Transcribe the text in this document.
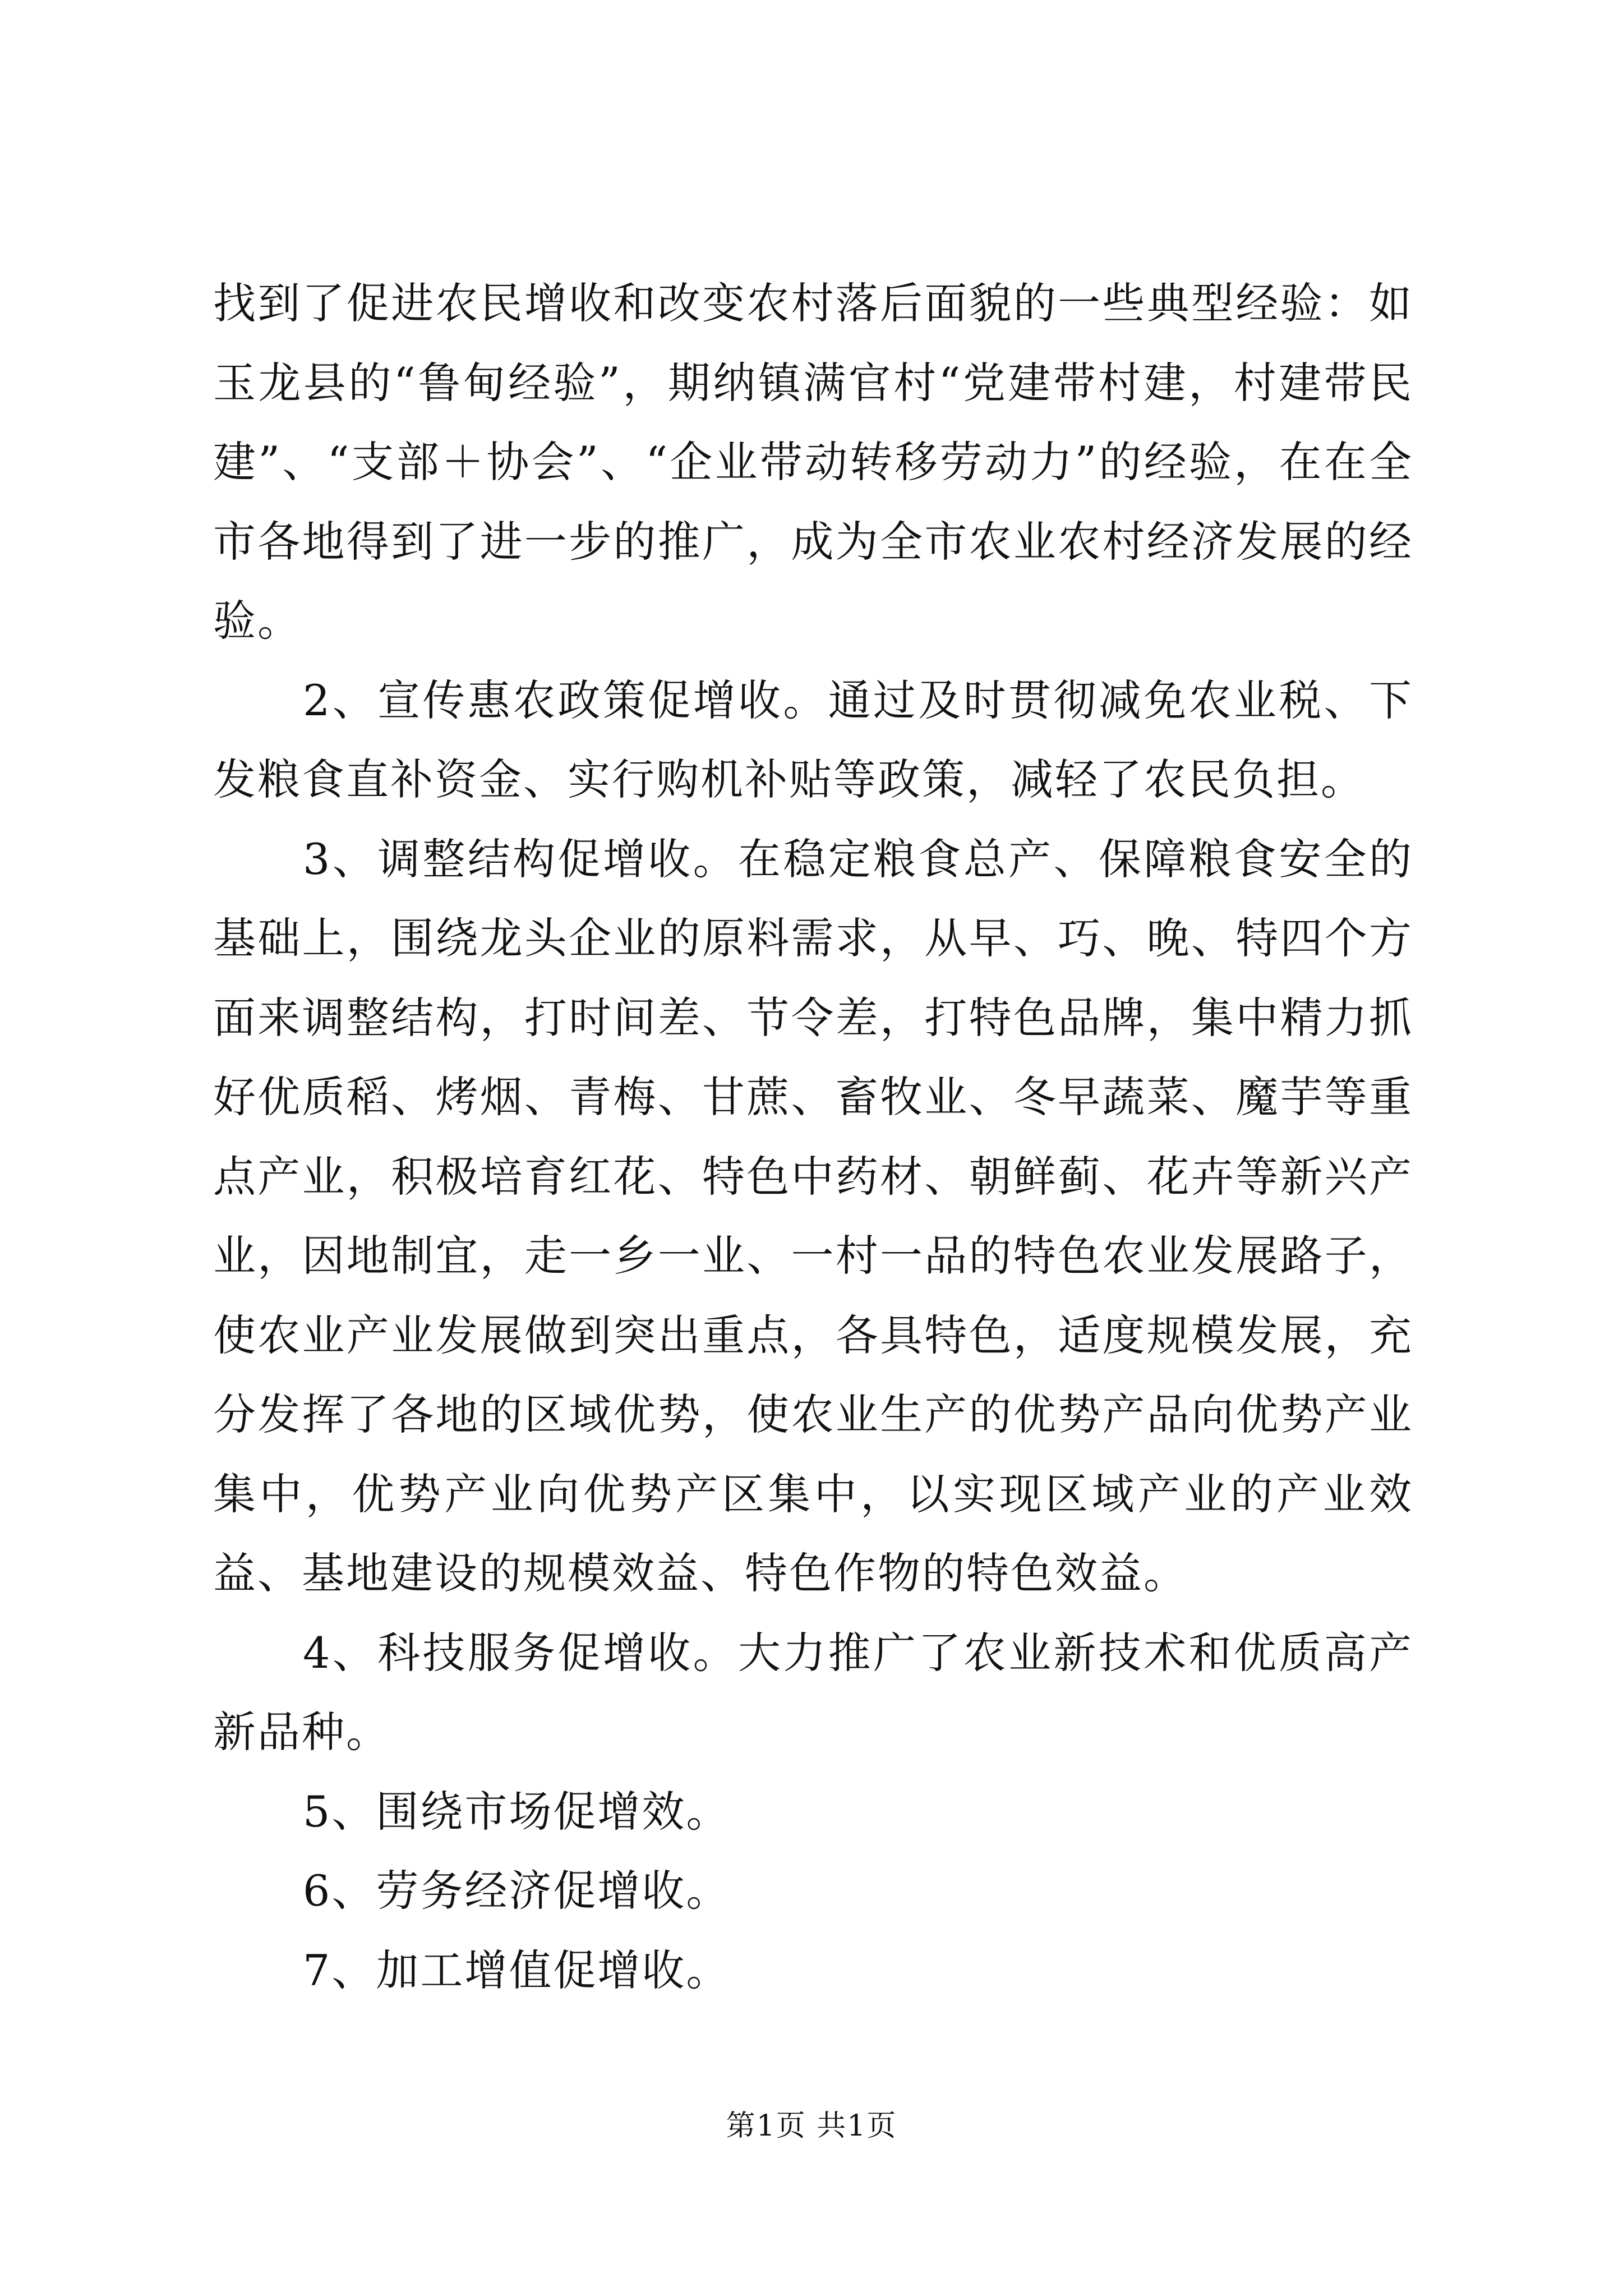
找到了促进农民增收和改变农村落后面貌的一些典型经验：如玉龙县的“鲁甸经验”，期纳镇满官村“党建带村建，村建带民建”、“支部＋协会”、“企业带动转移劳动力”的经验，在在全市各地得到了进一步的推广，成为全市农业农村经济发展的经验。

2、宣传惠农政策促增收。通过及时贯彻减免农业税、下发粮食直补资金、实行购机补贴等政策，减轻了农民负担。

3、调整结构促增收。在稳定粮食总产、保障粮食安全的基础上，围绕龙头企业的原料需求，从早、巧、晚、特四个方面来调整结构，打时间差、节令差，打特色品牌，集中精力抓好优质稻、烤烟、青梅、甘蔗、畜牧业、冬早蔬菜、魔芋等重点产业，积极培育红花、特色中药材、朝鲜蓟、花卉等新兴产业，因地制宜，走一乡一业、一村一品的特色农业发展路子，使农业产业发展做到突出重点，各具特色，适度规模发展，充分发挥了各地的区域优势，使农业生产的优势产品向优势产业集中，优势产业向优势产区集中，以实现区域产业的产业效益、基地建设的规模效益、特色作物的特色效益。

4、科技服务促增收。大力推广了农业新技术和优质高产新品种。

5、围绕市场促增效。

6、劳务经济促增收。

7、加工增值促增收。

第1页 共1页
